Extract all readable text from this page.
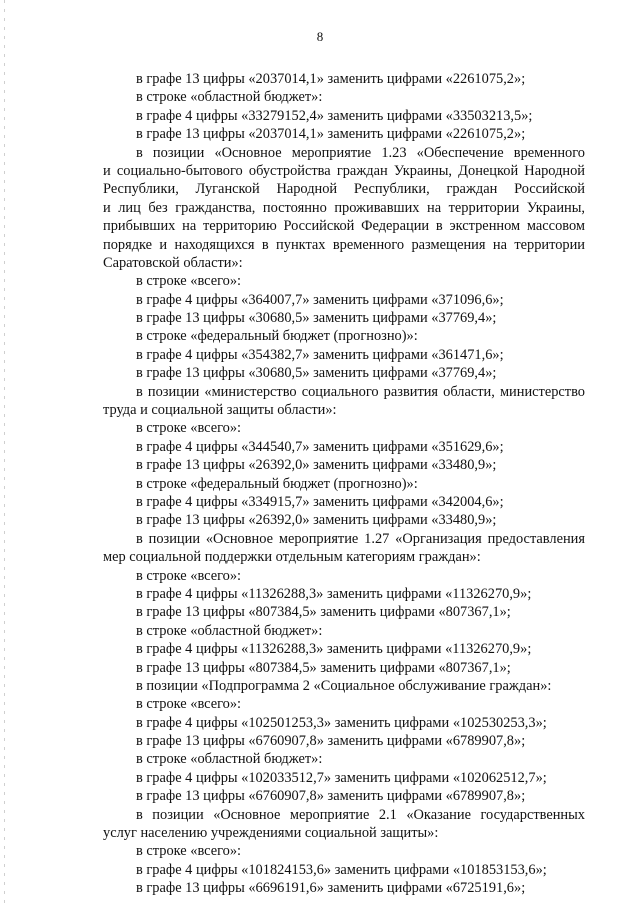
8
в графе 13 цифры «2037014,1» заменить цифрами «2261075,2»;
в строке «областной бюджет»:
в графе 4 цифры «33279152,4» заменить цифрами «33503213,5»;
в графе 13 цифры «2037014,1» заменить цифрами «2261075,2»;
в позиции «Основное мероприятие 1.23 «Обеспечение временного
и социально-бытового обустройства граждан Украины, Донецкой Народной
Республики, Луганской Народной Республики, граждан Российской
и лиц без гражданства, постоянно проживавших на территории Украины,
прибывших на территорию Российской Федерации в экстренном массовом
порядке и находящихся в пунктах временного размещения на территории
Саратовской области»:
в строке «всего»:
в графе 4 цифры «364007,7» заменить цифрами «371096,6»;
в графе 13 цифры «30680,5» заменить цифрами «37769,4»;
в строке «федеральный бюджет (прогнозно)»:
в графе 4 цифры «354382,7» заменить цифрами «361471,6»;
в графе 13 цифры «30680,5» заменить цифрами «37769,4»;
в позиции «министерство социального развития области, министерство
труда и социальной защиты области»:
в строке «всего»:
в графе 4 цифры «344540,7» заменить цифрами «351629,6»;
в графе 13 цифры «26392,0» заменить цифрами «33480,9»;
в строке «федеральный бюджет (прогнозно)»:
в графе 4 цифры «334915,7» заменить цифрами «342004,6»;
в графе 13 цифры «26392,0» заменить цифрами «33480,9»;
в позиции «Основное мероприятие 1.27 «Организация предоставления
мер социальной поддержки отдельным категориям граждан»:
в строке «всего»:
в графе 4 цифры «11326288,3» заменить цифрами «11326270,9»;
в графе 13 цифры «807384,5» заменить цифрами «807367,1»;
в строке «областной бюджет»:
в графе 4 цифры «11326288,3» заменить цифрами «11326270,9»;
в графе 13 цифры «807384,5» заменить цифрами «807367,1»;
в позиции «Подпрограмма 2 «Социальное обслуживание граждан»:
в строке «всего»:
в графе 4 цифры «102501253,3» заменить цифрами «102530253,3»;
в графе 13 цифры «6760907,8» заменить цифрами «6789907,8»;
в строке «областной бюджет»:
в графе 4 цифры «102033512,7» заменить цифрами «102062512,7»;
в графе 13 цифры «6760907,8» заменить цифрами «6789907,8»;
в позиции «Основное мероприятие 2.1 «Оказание государственных
услуг населению учреждениями социальной защиты»:
в строке «всего»:
в графе 4 цифры «101824153,6» заменить цифрами «101853153,6»;
в графе 13 цифры «6696191,6» заменить цифрами «6725191,6»;
